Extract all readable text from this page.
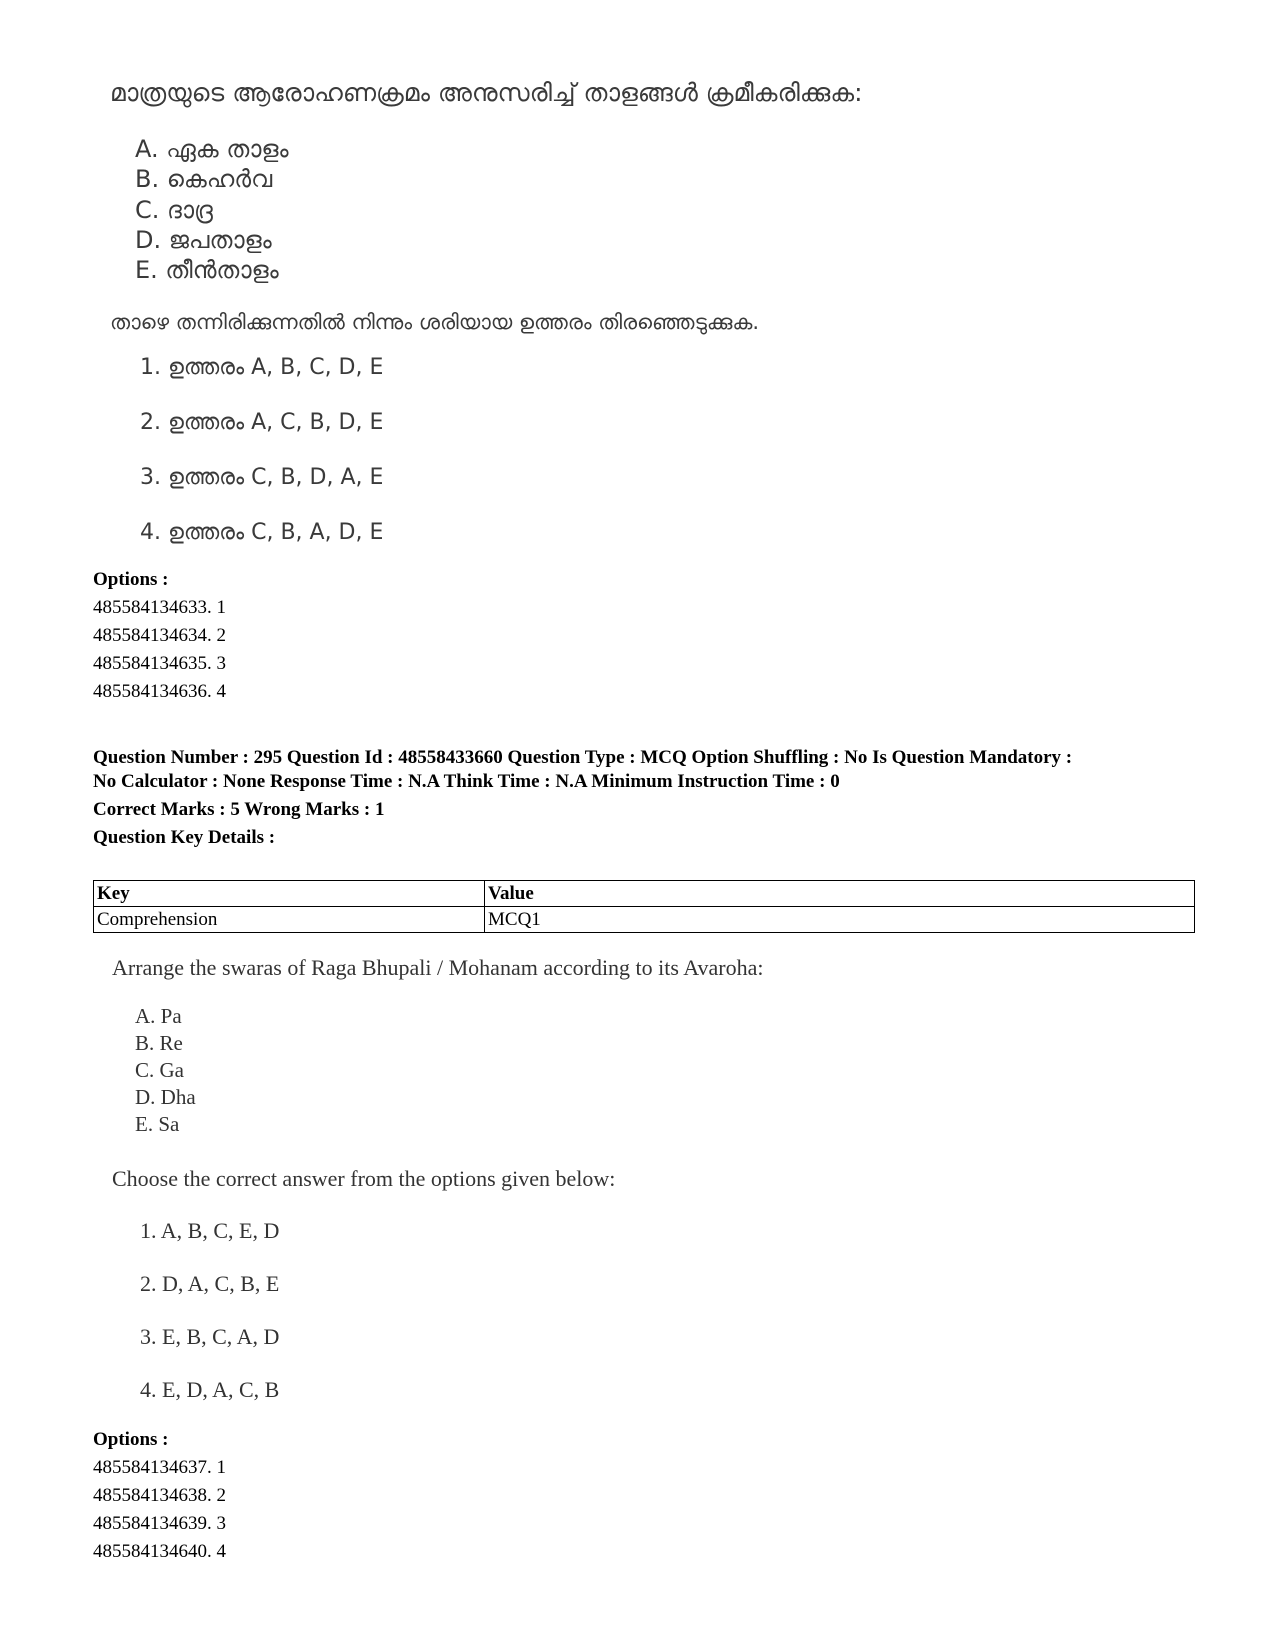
മാത്രയുടെ ആരോഹണക്രമം അനുസരിച്ച് താളങ്ങൾ ക്രമീകരിക്കുക:
A. ഏക താളം
B. കെഹർവ
C. ദാദ്ര
D. ജപതാളം
E. തീൻതാളം
താഴെ തന്നിരിക്കുന്നതിൽ നിന്നും ശരിയായ ഉത്തരം തിരഞ്ഞെടുക്കുക.
1. ഉത്തരം A, B, C, D, E
2. ഉത്തരം A, C, B, D, E
3. ഉത്തരം C, B, D, A, E
4. ഉത്തരം C, B, A, D, E
Options :
485584134633. 1
485584134634. 2
485584134635. 3
485584134636. 4
Question Number : 295 Question Id : 48558433660 Question Type : MCQ Option Shuffling : No Is Question Mandatory :
No Calculator : None Response Time : N.A Think Time : N.A Minimum Instruction Time : 0
Correct Marks : 5 Wrong Marks : 1
Question Key Details :
Key	Value
Comprehension	MCQ1
Arrange the swaras of Raga Bhupali / Mohanam according to its Avaroha:
A. Pa
B. Re
C. Ga
D. Dha
E. Sa
Choose the correct answer from the options given below:
1. A, B, C, E, D
2. D, A, C, B, E
3. E, B, C, A, D
4. E, D, A, C, B
Options :
485584134637. 1
485584134638. 2
485584134639. 3
485584134640. 4
